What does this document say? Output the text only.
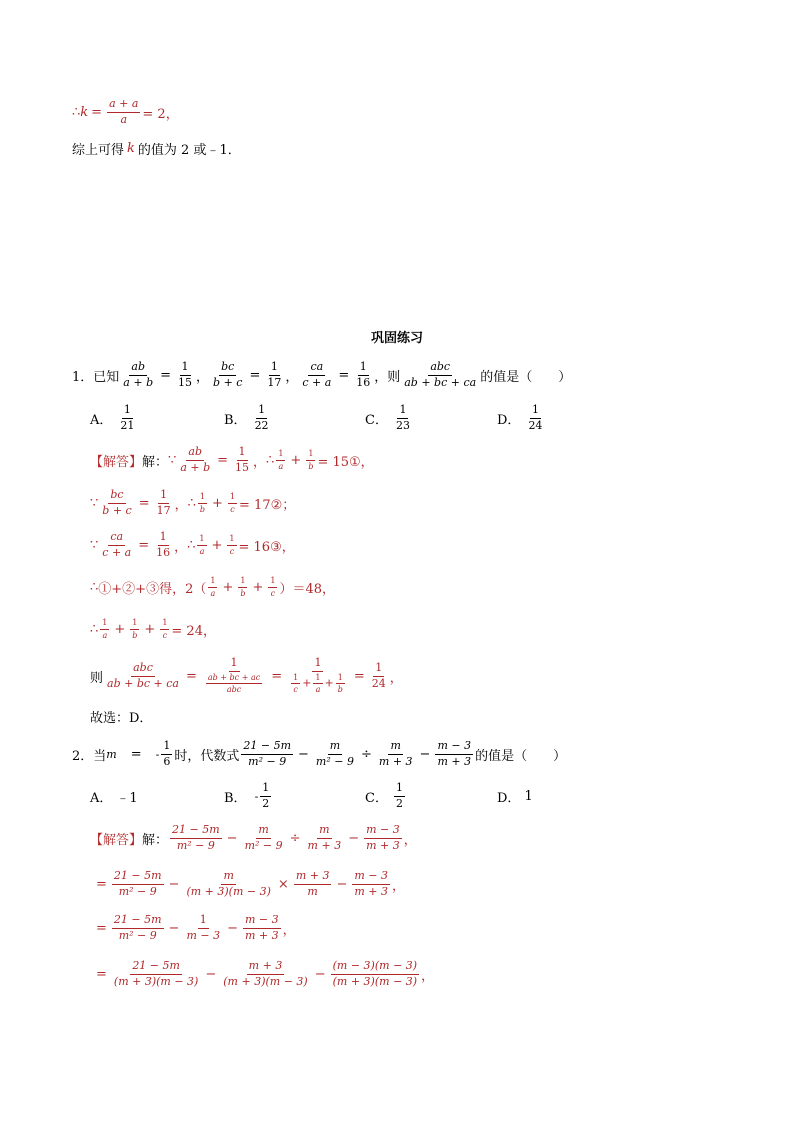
∴ $k = \frac{a + a}{a} = 2$，
综上可得 k 的值为 2 或﹣1．
巩固练习
1． 已知 $\frac{ab}{a + b} = \frac{1}{15}$ ， $\frac{bc}{b + c} = \frac{1}{17}$ ， $\frac{ca}{c + a} = \frac{1}{16}$ ，则 $\frac{\text{abc}}{ab + bc + ca}$ 的值是（　　）
A． $\frac{1}{21}$	B． $\frac{1}{22}$	C． $\frac{1}{23}$	D． $\frac{1}{24}$
【解答】 解： ∵ $\frac{ab}{a + b} = \frac{1}{15}$ ， ∴ $\frac{1}{a} + \frac{1}{b}$ = 15①，
∵ $\frac{bc}{b + c} = \frac{1}{17}$ ， ∴ $\frac{1}{b} + \frac{1}{c}$ = 17②；
∵ $\frac{ca}{c + a} = \frac{1}{16}$ ， ∴ $\frac{1}{a} + \frac{1}{c}$ = 16③，
∴ ①+②+③得，$2( \frac{1}{a} + \frac{1}{b} + \frac{1}{c} )=48$，
∴ $\frac{1}{a} + \frac{1}{b} + \frac{1}{c} = 24$，
则 $\frac{\text{abc}}{ab + bc + ca} = \frac{1}{\frac{ab + bc + ac}{\text{abc}}} = \frac{1}{\frac{1}{c} + \frac{1}{a} + \frac{1}{b}} = \frac{1}{24}$ ，
故选：D．
2． 当 m = - $\frac{1}{6}$ 时，代数式 $\frac{21 - 5m}{\text{m² − 9}} - \frac{m}{\text{m² − 9}} \div \frac{m}{m + 3} - \frac{m - 3}{m + 3}$ 的值是（　　）
A． ﹣1	B． - $\frac{1}{2}$	C． $\frac{1}{2}$	D． 1
【解答】 解： $\frac{21 - 5m}{\text{m² − 9}} - \frac{m}{\text{m² − 9}} \div \frac{m}{m + 3} - \frac{m - 3}{m + 3}$ ，
= $\frac{21 - 5m}{\text{m² − 9}} - \frac{m}{(m + 3)(m - 3)} \times \frac{m + 3}{m} - \frac{m - 3}{m + 3}$ ，
= $\frac{21 - 5m}{\text{m² − 9}} - \frac{1}{m - 3} - \frac{m - 3}{m + 3}$ ，
= $\frac{21 - 5m}{(m + 3)(m - 3)} - \frac{m + 3}{(m + 3)(m - 3)} - \frac{(m - 3)(m - 3)}{(m + 3)(m - 3)}$ ，
